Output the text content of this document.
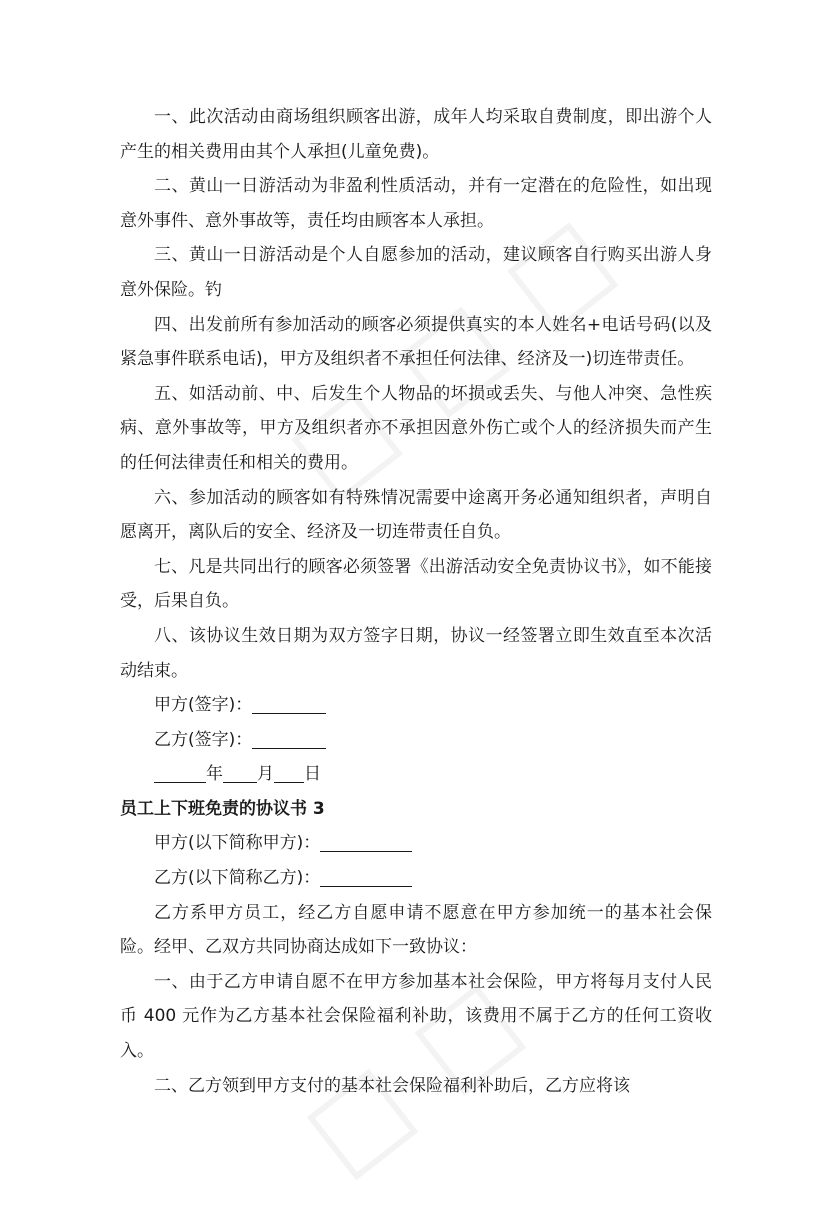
一、此次活动由商场组织顾客出游，成年人均采取自费制度，即出游个人产生的相关费用由其个人承担(儿童免费)。

二、黄山一日游活动为非盈利性质活动，并有一定潜在的危险性，如出现意外事件、意外事故等，责任均由顾客本人承担。

三、黄山一日游活动是个人自愿参加的活动，建议顾客自行购买出游人身意外保险。钓

四、出发前所有参加活动的顾客必须提供真实的本人姓名+电话号码(以及紧急事件联系电话)，甲方及组织者不承担任何法律、经济及一)切连带责任。

五、如活动前、中、后发生个人物品的坏损或丢失、与他人冲突、急性疾病、意外事故等，甲方及组织者亦不承担因意外伤亡或个人的经济损失而产生的任何法律责任和相关的费用。

六、参加活动的顾客如有特殊情况需要中途离开务必通知组织者，声明自愿离开，离队后的安全、经济及一切连带责任自负。

七、凡是共同出行的顾客必须签署《出游活动安全免责协议书》，如不能接受，后果自负。

八、该协议生效日期为双方签字日期，协议一经签署立即生效直至本次活动结束。

甲方(签字)：

乙方(签字)：

年 月 日

员工上下班免责的协议书 3

甲方(以下简称甲方)：

乙方(以下简称乙方)：

乙方系甲方员工，经乙方自愿申请不愿意在甲方参加统一的基本社会保险。经甲、乙双方共同协商达成如下一致协议：

一、由于乙方申请自愿不在甲方参加基本社会保险，甲方将每月支付人民币 400 元作为乙方基本社会保险福利补助，该费用不属于乙方的任何工资收入。

二、乙方领到甲方支付的基本社会保险福利补助后，乙方应将该
